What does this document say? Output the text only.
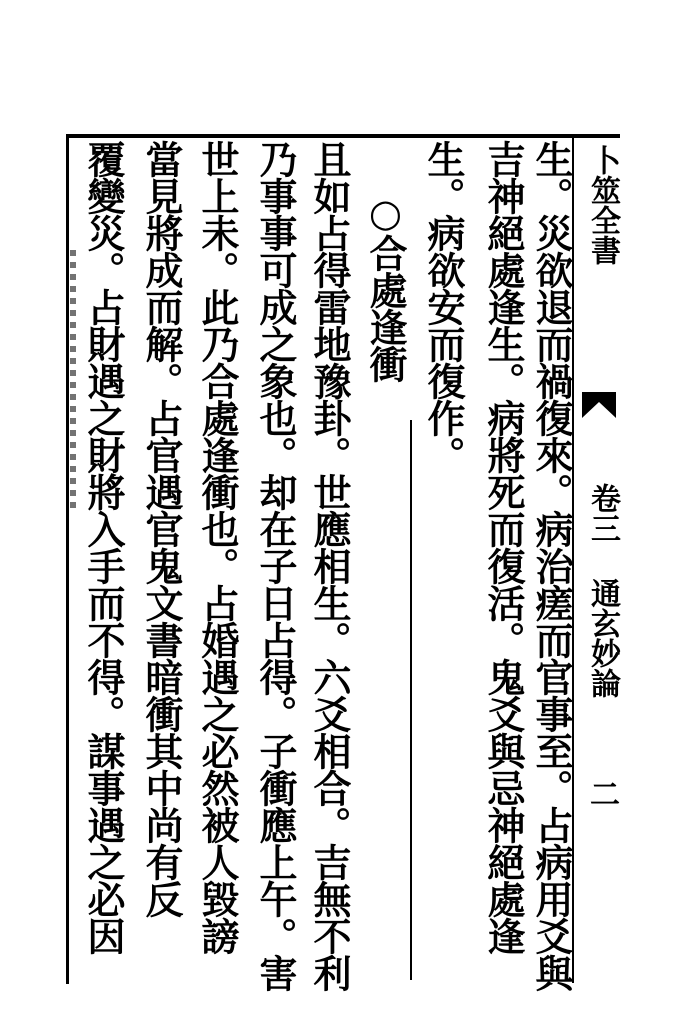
卜筮全書  卷三 通玄妙論
二
生。災欲退而禍復來。病治瘥而官事至。占病用爻與
吉神絕處逢生。病將死而復活。鬼爻與忌神絕處逢
生。病欲安而復作。
○合處逢衝
且如占得雷地豫卦。世應相生。六爻相合。吉無不利
乃事事可成之象也。却在子日占得。子衝應上午。害
世上未。此乃合處逢衝也。占婚遇之必然被人毀謗
當見將成而解。占官遇官鬼文書暗衝其中尚有反
覆變災。占財遇之財將入手而不得。謀事遇之必因
